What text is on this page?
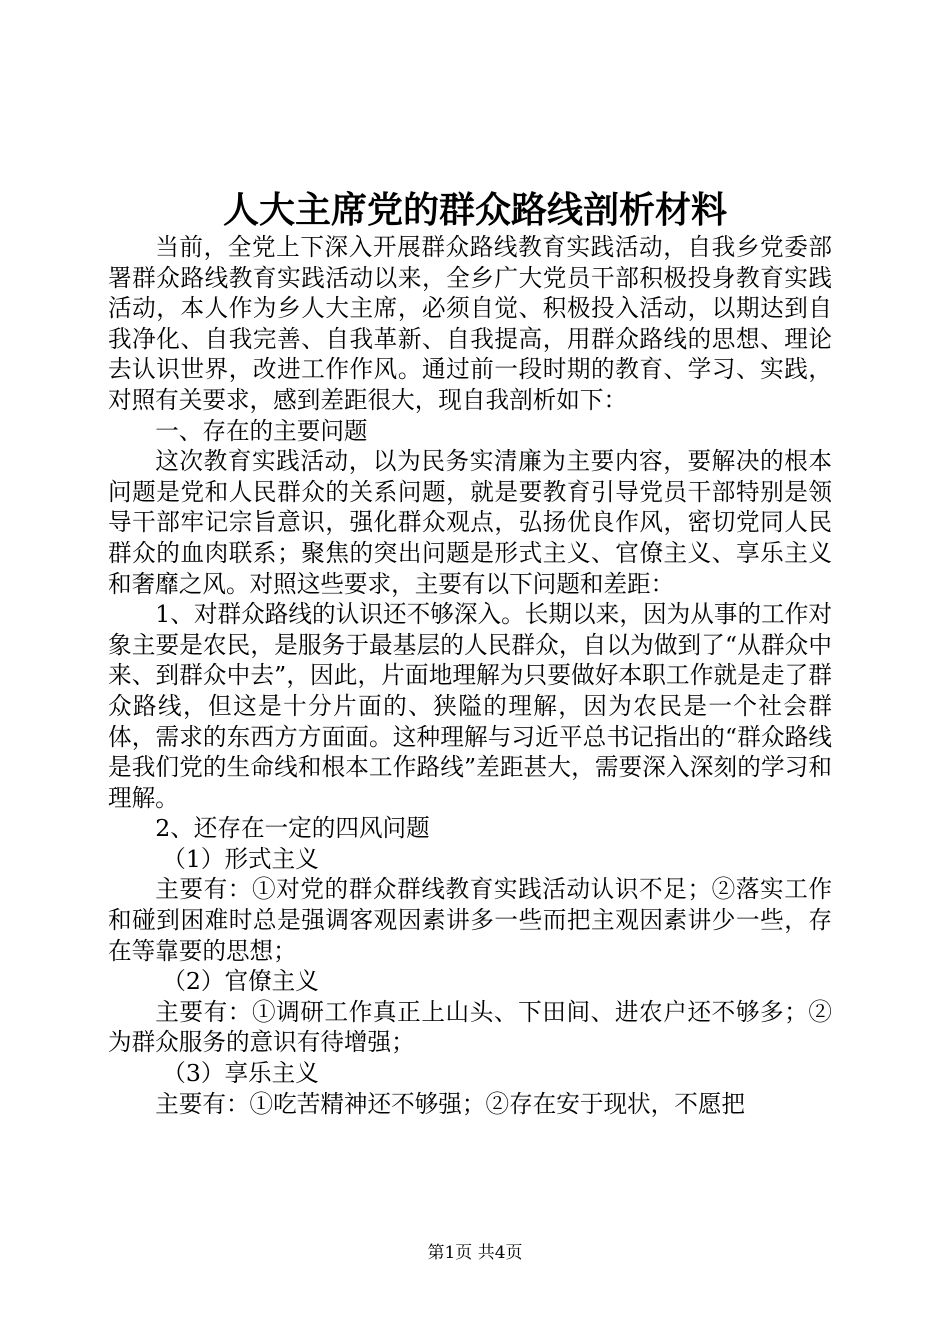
人大主席党的群众路线剖析材料

当前，全党上下深入开展群众路线教育实践活动，自我乡党委部署群众路线教育实践活动以来，全乡广大党员干部积极投身教育实践活动，本人作为乡人大主席，必须自觉、积极投入活动，以期达到自我净化、自我完善、自我革新、自我提高，用群众路线的思想、理论去认识世界，改进工作作风。通过前一段时期的教育、学习、实践，对照有关要求，感到差距很大，现自我剖析如下：

一、存在的主要问题

这次教育实践活动，以为民务实清廉为主要内容，要解决的根本问题是党和人民群众的关系问题，就是要教育引导党员干部特别是领导干部牢记宗旨意识，强化群众观点，弘扬优良作风，密切党同人民群众的血肉联系；聚焦的突出问题是形式主义、官僚主义、享乐主义和奢靡之风。对照这些要求，主要有以下问题和差距：

1、对群众路线的认识还不够深入。长期以来，因为从事的工作对象主要是农民，是服务于最基层的人民群众，自以为做到了“从群众中来、到群众中去”，因此，片面地理解为只要做好本职工作就是走了群众路线，但这是十分片面的、狭隘的理解，因为农民是一个社会群体，需求的东西方方面面。这种理解与习近平总书记指出的“群众路线是我们党的生命线和根本工作路线”差距甚大，需要深入深刻的学习和理解。

2、还存在一定的四风问题

（1）形式主义

主要有：①对党的群众群线教育实践活动认识不足；②落实工作和碰到困难时总是强调客观因素讲多一些而把主观因素讲少一些，存在等靠要的思想；

（2）官僚主义

主要有：①调研工作真正上山头、下田间、进农户还不够多；②为群众服务的意识有待增强；

（3）享乐主义

主要有：①吃苦精神还不够强；②存在安于现状，不愿把

第1页 共4页
